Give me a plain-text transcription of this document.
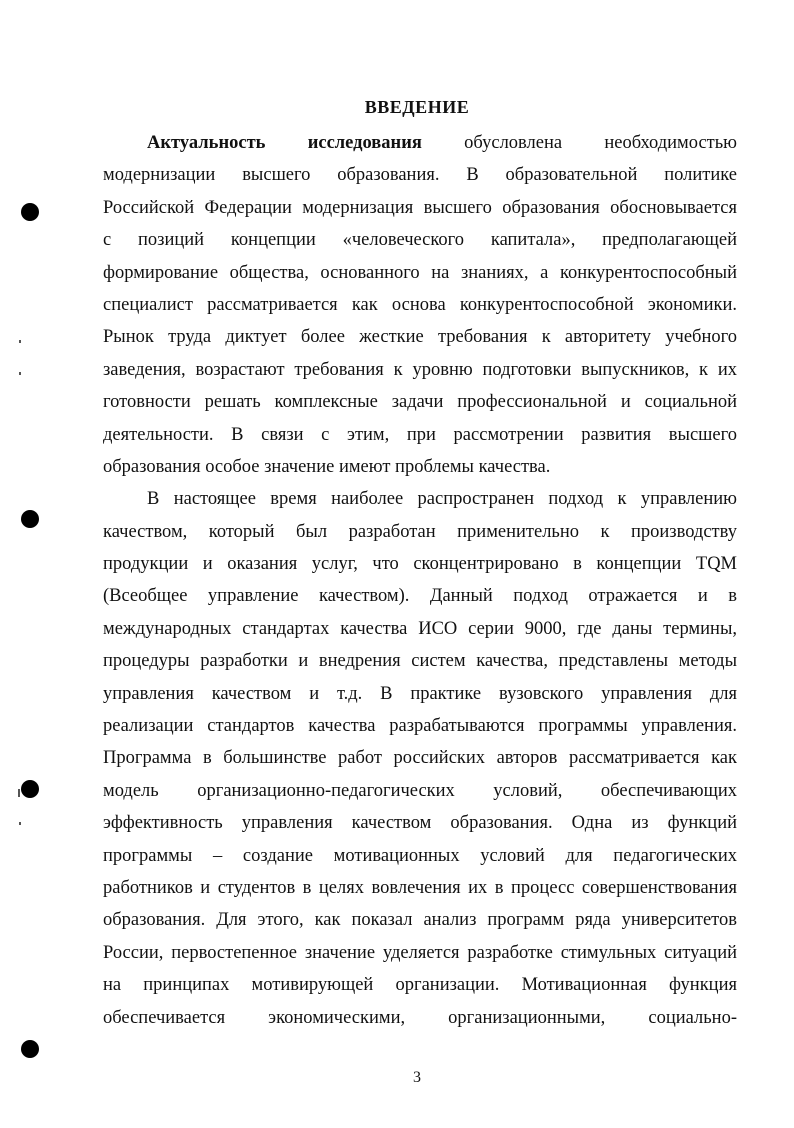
ВВЕДЕНИЕ
Актуальность исследования обусловлена необходимостью
модернизации высшего образования. В образовательной политике
Российской Федерации модернизация высшего образования обосновывается
с позиций концепции «человеческого капитала», предполагающей
формирование общества, основанного на знаниях, а конкурентоспособный
специалист рассматривается как основа конкурентоспособной экономики.
Рынок труда диктует более жесткие требования к авторитету учебного
заведения, возрастают требования к уровню подготовки выпускников, к их
готовности решать комплексные задачи профессиональной и социальной
деятельности. В связи с этим, при рассмотрении развития высшего
образования особое значение имеют проблемы качества.
В настоящее время наиболее распространен подход к управлению
качеством, который был разработан применительно к производству
продукции и оказания услуг, что сконцентрировано в концепции TQM
(Всеобщее управление качеством). Данный подход отражается и в
международных стандартах качества ИСО серии 9000, где даны термины,
процедуры разработки и внедрения систем качества, представлены методы
управления качеством и т.д. В практике вузовского управления для
реализации стандартов качества разрабатываются программы управления.
Программа в большинстве работ российских авторов рассматривается как
модель организационно-педагогических условий, обеспечивающих
эффективность управления качеством образования. Одна из функций
программы – создание мотивационных условий для педагогических
работников и студентов в целях вовлечения их в процесс совершенствования
образования. Для этого, как показал анализ программ ряда университетов
России, первостепенное значение уделяется разработке стимульных ситуаций
на принципах мотивирующей организации. Мотивационная функция
обеспечивается экономическими, организационными, социально-
3
